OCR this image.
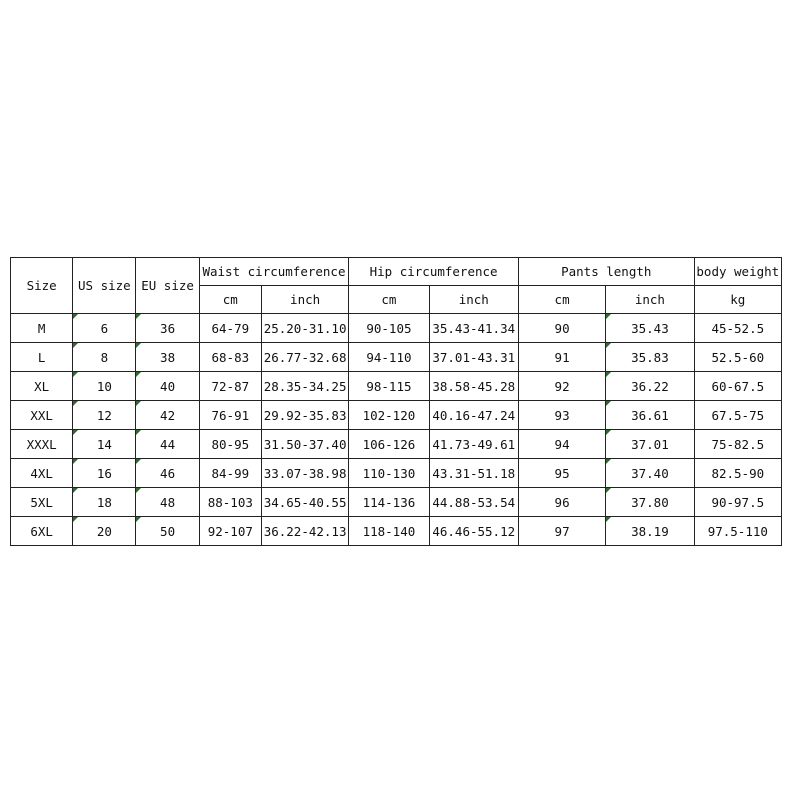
Size	US size	EU size	Waist circumference		Hip circumference		Pants length		body weight
			cm	inch	cm	inch	cm	inch	kg
M	6	36	64-79	25.20-31.10	90-105	35.43-41.34	90	35.43	45-52.5
L	8	38	68-83	26.77-32.68	94-110	37.01-43.31	91	35.83	52.5-60
XL	10	40	72-87	28.35-34.25	98-115	38.58-45.28	92	36.22	60-67.5
XXL	12	42	76-91	29.92-35.83	102-120	40.16-47.24	93	36.61	67.5-75
XXXL	14	44	80-95	31.50-37.40	106-126	41.73-49.61	94	37.01	75-82.5
4XL	16	46	84-99	33.07-38.98	110-130	43.31-51.18	95	37.40	82.5-90
5XL	18	48	88-103	34.65-40.55	114-136	44.88-53.54	96	37.80	90-97.5
6XL	20	50	92-107	36.22-42.13	118-140	46.46-55.12	97	38.19	97.5-110
